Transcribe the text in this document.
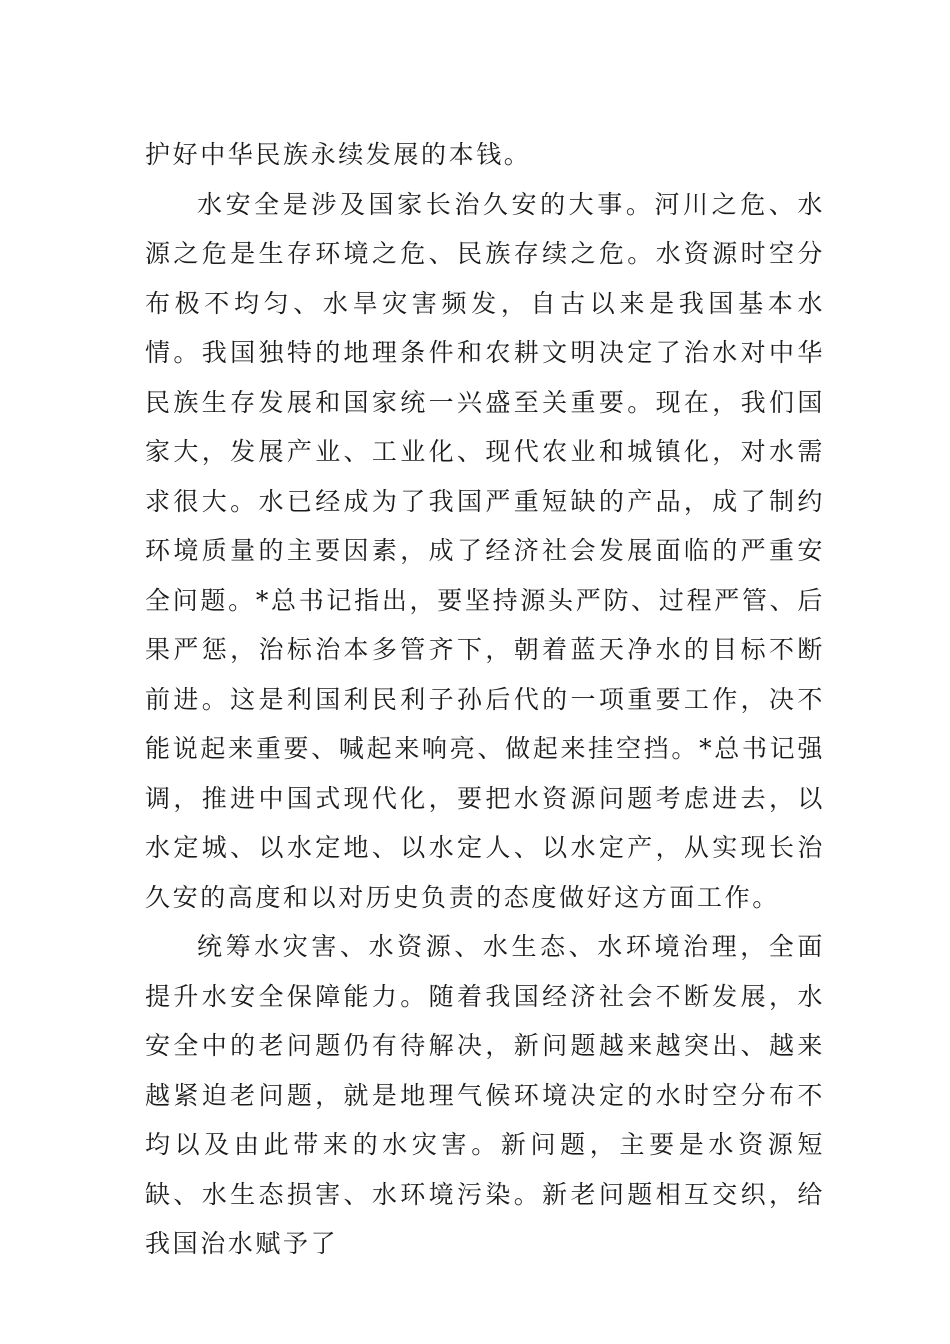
护好中华民族永续发展的本钱。

水安全是涉及国家长治久安的大事。河川之危、水源之危是生存环境之危、民族存续之危。水资源时空分布极不均匀、水旱灾害频发，自古以来是我国基本水情。我国独特的地理条件和农耕文明决定了治水对中华民族生存发展和国家统一兴盛至关重要。现在，我们国家大，发展产业、工业化、现代农业和城镇化，对水需求很大。水已经成为了我国严重短缺的产品，成了制约环境质量的主要因素，成了经济社会发展面临的严重安全问题。*总书记指出，要坚持源头严防、过程严管、后果严惩，治标治本多管齐下，朝着蓝天净水的目标不断前进。这是利国利民利子孙后代的一项重要工作，决不能说起来重要、喊起来响亮、做起来挂空挡。*总书记强调，推进中国式现代化，要把水资源问题考虑进去，以水定城、以水定地、以水定人、以水定产，从实现长治久安的高度和以对历史负责的态度做好这方面工作。

统筹水灾害、水资源、水生态、水环境治理，全面提升水安全保障能力。随着我国经济社会不断发展，水安全中的老问题仍有待解决，新问题越来越突出、越来越紧迫老问题，就是地理气候环境决定的水时空分布不均以及由此带来的水灾害。新问题，主要是水资源短缺、水生态损害、水环境污染。新老问题相互交织，给我国治水赋予了
